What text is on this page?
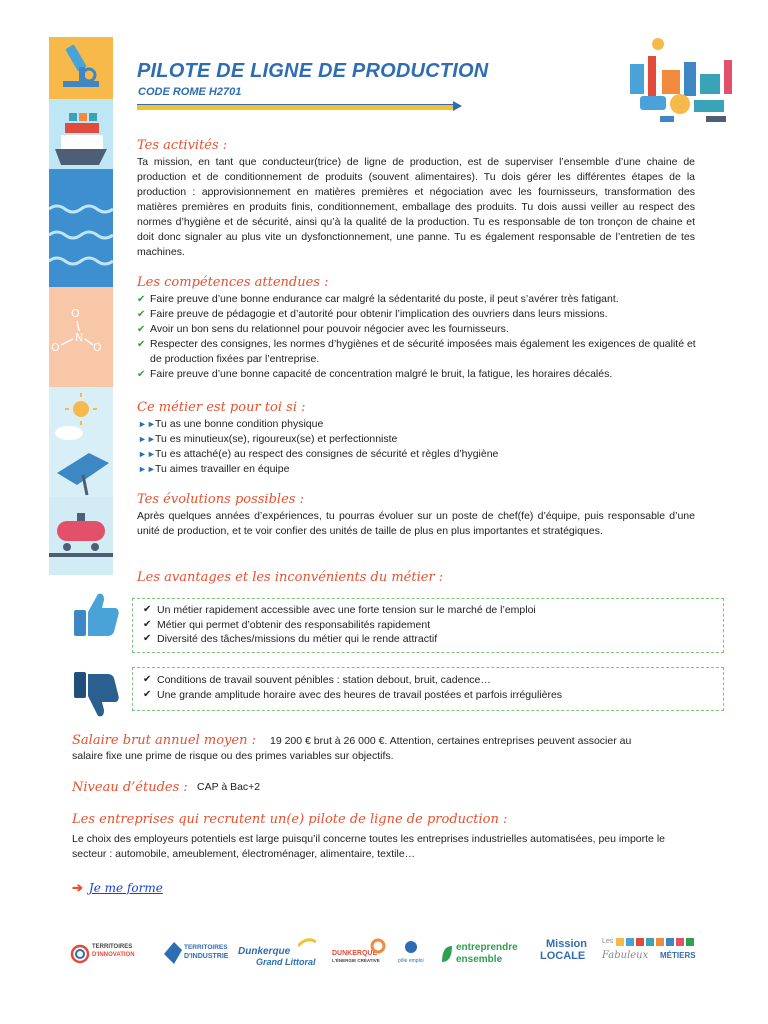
O
N
O	O
PILOTE DE LIGNE DE PRODUCTION
CODE ROME H2701
Tes activités :

Ta mission, en tant que conducteur(trice) de ligne de production, est de superviser l’ensemble d’une chaine de production et de conditionnement de produits (souvent alimentaires). Tu dois gérer les différentes étapes de la production : approvisionnement en matières premières et négociation avec les fournisseurs, transformation des matières premières en produits finis, conditionnement, emballage des produits. Tu dois aussi veiller au respect des normes d’hygiène et de sécurité, ainsi qu’à la qualité de la production. Tu es responsable de ton tronçon de chaine et doit donc signaler au plus vite un dysfonctionnement, une panne. Tu es également responsable de l’entretien de tes machines.

Les compétences attendues :
✔ Faire preuve d’une bonne endurance car malgré la sédentarité du poste, il peut s’avérer très fatigant.
✔ Faire preuve de pédagogie et d’autorité pour obtenir l’implication des ouvriers dans leurs missions.
✔ Avoir un bon sens du relationnel pour pouvoir négocier avec les fournisseurs.
✔ Respecter des consignes, les normes d’hygiènes et de sécurité imposées mais également les exigences de qualité et de production fixées par l’entreprise.
✔ Faire preuve d’une bonne capacité de concentration malgré le bruit, la fatigue, les horaires décalés.
Ce métier est pour toi si :
►► Tu as une bonne condition physique
►► Tu es minutieux(se), rigoureux(se) et perfectionniste
►► Tu es attaché(e) au respect des consignes de sécurité et règles d’hygiène
►► Tu aimes travailler en équipe
Tes évolutions possibles :

Après quelques années d’expériences, tu pourras évoluer sur un poste de chef(fe) d’équipe, puis responsable d’une unité de production, et te voir confier des unités de taille de plus en plus importantes et stratégiques.

Les avantages et les inconvénients du métier :
✔ Un métier rapidement accessible avec une forte tension sur le marché de l’emploi
✔ Métier qui permet d’obtenir des responsabilités rapidement
✔ Diversité des tâches/missions du métier qui le rende attractif
✔ Conditions de travail souvent pénibles : station debout, bruit, cadence…
✔ Une grande amplitude horaire avec des heures de travail postées et parfois irrégulières
Salaire brut annuel moyen : 19 200 € brut à 26 000 €. Attention, certaines entreprises peuvent associer au
salaire fixe une prime de risque ou des primes variables sur objectifs.
Niveau d’études : CAP à Bac+2
Les entreprises qui recrutent un(e) pilote de ligne de production :

Le choix des employeurs potentiels est large puisqu’il concerne toutes les entreprises industrielles automatisées, peu importe le secteur : automobile, ameublement, électroménager, alimentaire, textile…

➔ Je me forme
TERRITOIRES
D'INNOVATION
TERRITOIRES
D'INDUSTRIE Dunkerque
Grand Littoral
DUNKERQUE
L'ÉNERGIE CRÉATIVE	pôle emploi
entreprendre
ensemble
Mission
LOCALE
Les
Fabuleux MÉTIERS
